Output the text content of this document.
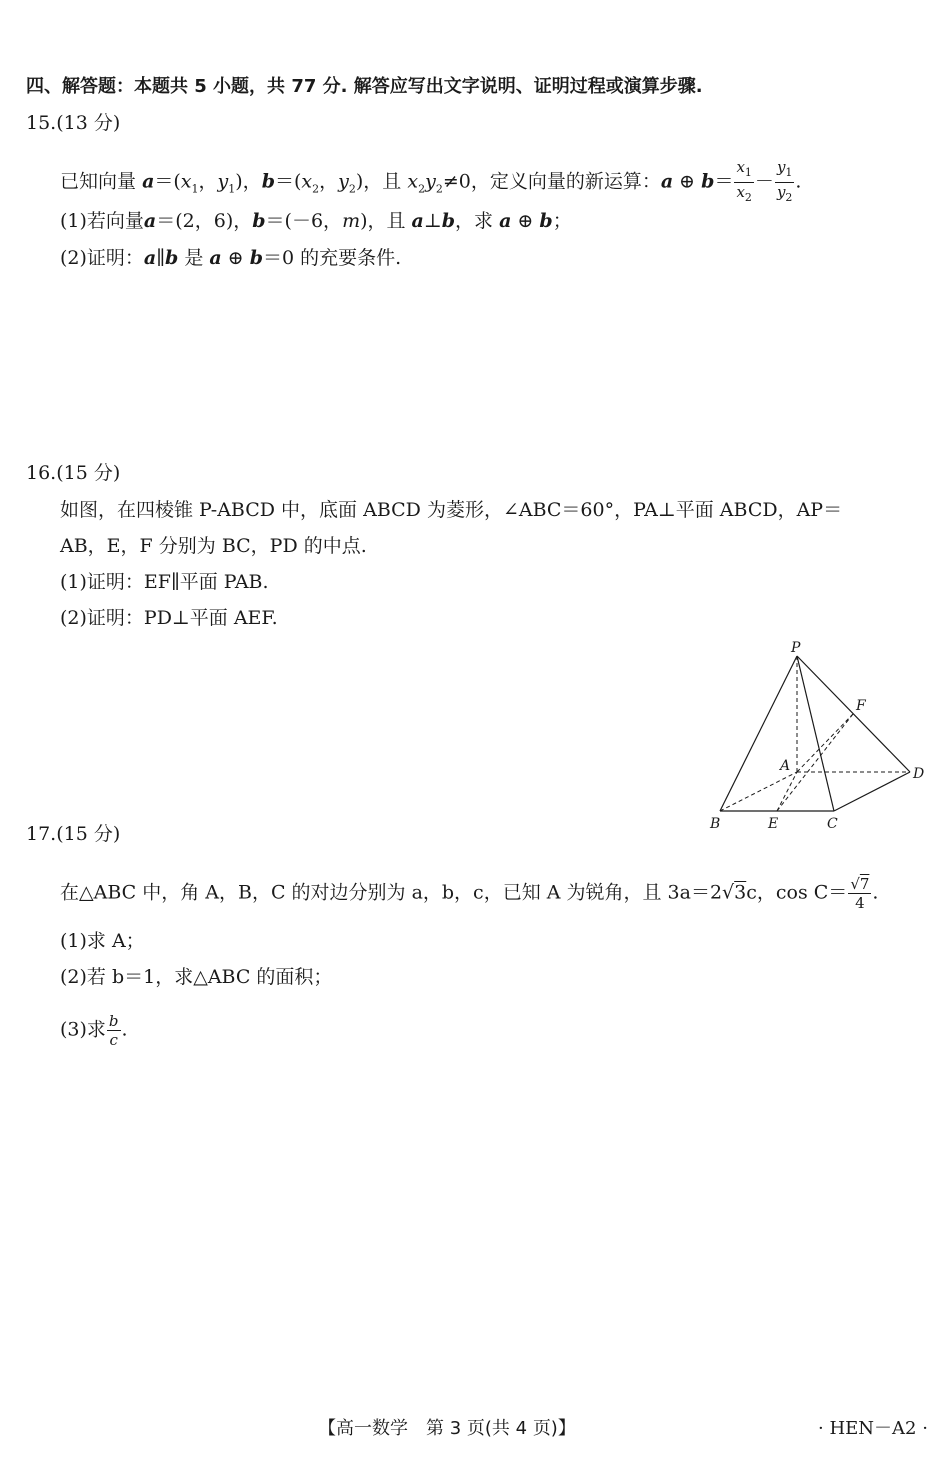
四、解答题：本题共 5 小题，共 77 分. 解答应写出文字说明、证明过程或演算步骤.
15.(13 分)
已知向量 $a=(x_1$，$y_1$)，$b=(x_2$，$y_2$)，且 $x_2y_2\ne 0$，定义向量的新运算：a ⊕ $b= \frac{x_1}{x_2} - \frac{y_1}{y_2}$ .
(1)若向量a＝(2，6)，b＝(－6，m)，且 a⊥b，求 a ⊕ b；
(2)证明：a∥b 是 a ⊕ b＝0 的充要条件.
16.(15 分)
如图，在四棱锥 P-ABCD 中，底面 ABCD 为菱形，∠ABC＝60°，PA⊥平面 ABCD，AP＝
AB，E，F 分别为 BC，PD 的中点.
(1)证明：EF∥平面 PAB.
(2)证明：PD⊥平面 AEF.
P
A
B	E	C
D
F
17.(15 分)
在△ABC 中，角 A，B，C 的对边分别为 a，b，c，已知 A 为锐角，且 3a＝2√3c，$\cos C= \frac{√7}{4}$ .
(1)求 A；
(2)若 b＝1，求△ABC 的面积；
(3)求 $\frac{b}{c}$ .
【高一数学　第 3 页(共 4 页)】	· HEN－A2 ·
